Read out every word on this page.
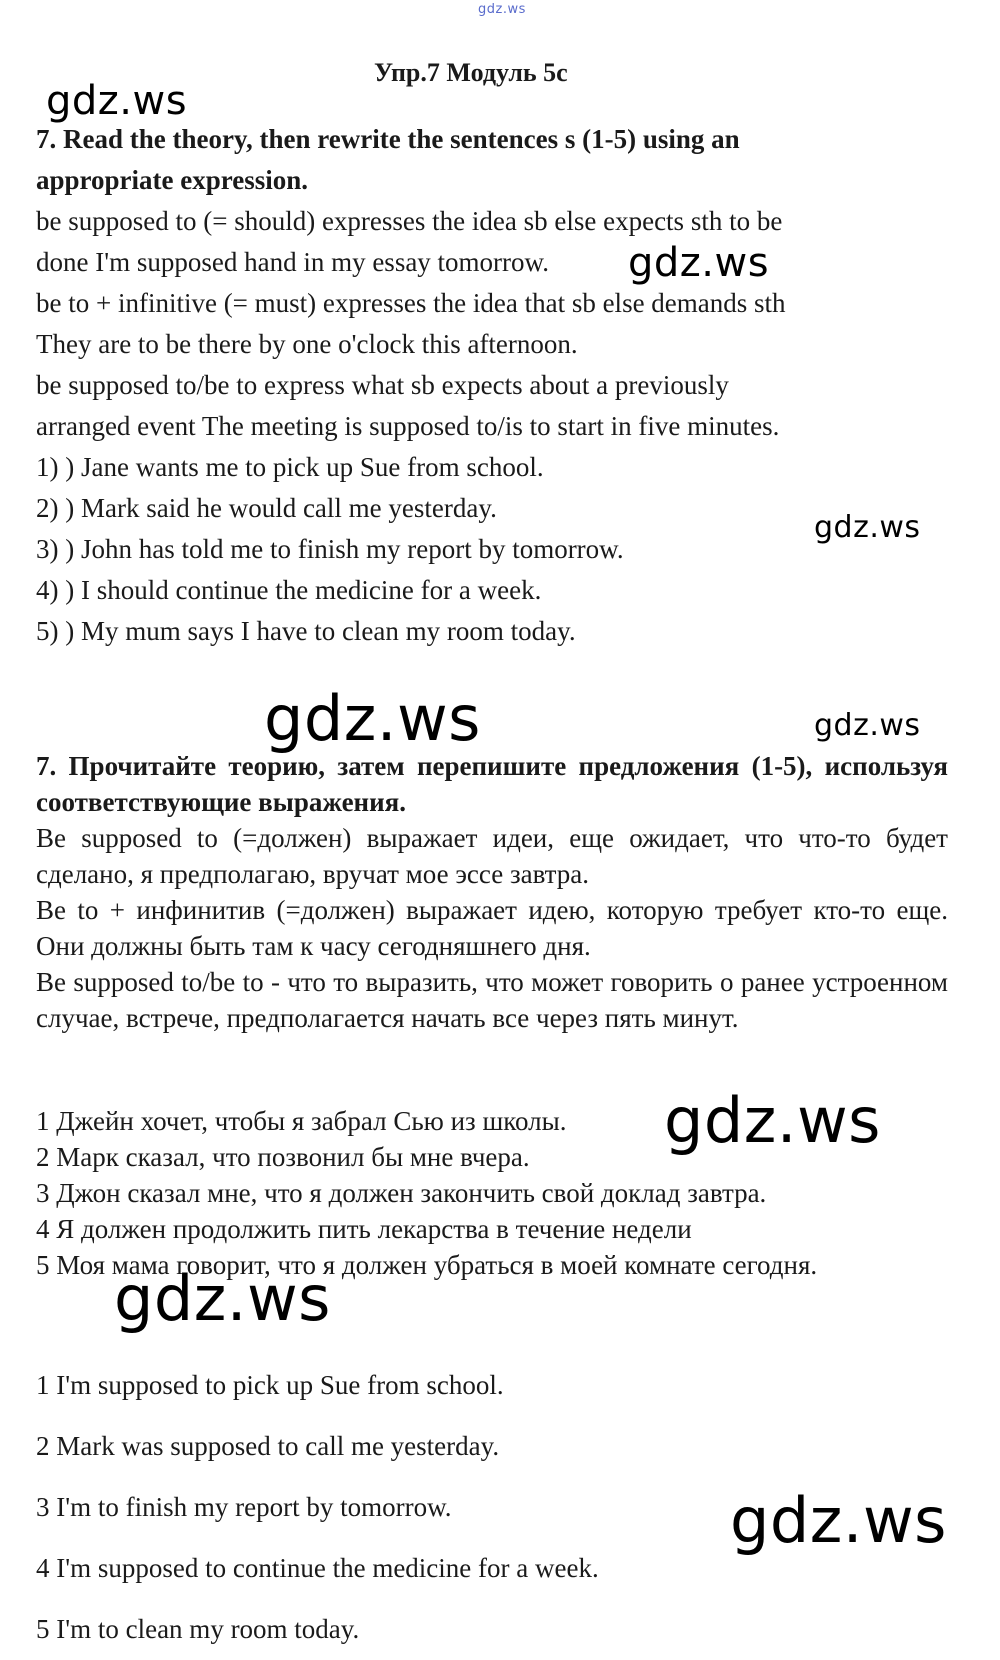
gdz.ws
gdz.ws
gdz.ws
gdz.ws
gdz.ws	gdz.ws
gdz.ws
gdz.ws
gdz.ws
Упр.7 Модуль 5с
7. Read the theory, then rewrite the sentences s (1-5) using an
appropriate expression.
be supposed to (= should) expresses the idea sb else expects sth to be
done I'm supposed hand in my essay tomorrow.
be to + infinitive (= must) expresses the idea that sb else demands sth
They are to be there by one o'clock this afternoon.
be supposed to/be to express what sb expects about a previously
arranged event The meeting is supposed to/is to start in five minutes.
1) ) Jane wants me to pick up Sue from school.
2) ) Mark said he would call me yesterday.
3) ) John has told me to finish my report by tomorrow.
4) ) I should continue the medicine for a week.
5) ) My mum says I have to clean my room today.

7. Прочитайте теорию, затем перепишите предложения (1-5), используя соответствующие выражения.

Be supposed to (=должен) выражает идеи, еще ожидает, что что-то будет сделано, я предполагаю, вручат мое эссе завтра.

Be to + инфинитив (=должен) выражает идею, которую требует кто-то еще. Они должны быть там к часу сегодняшнего дня.

Be supposed to/be to - что то выразить, что может говорить о ранее устроенном случае, встрече, предполагается начать все через пять минут.

1 Джейн хочет, чтобы я забрал Сью из школы.
2 Марк сказал, что позвонил бы мне вчера.
3 Джон сказал мне, что я должен закончить свой доклад завтра.
4 Я должен продолжить пить лекарства в течение недели
5 Моя мама говорит, что я должен убраться в моей комнате сегодня.
1 I'm supposed to pick up Sue from school.
2 Mark was supposed to call me yesterday.
3 I'm to finish my report by tomorrow.
4 I'm supposed to continue the medicine for a week.
5 I'm to clean my room today.
